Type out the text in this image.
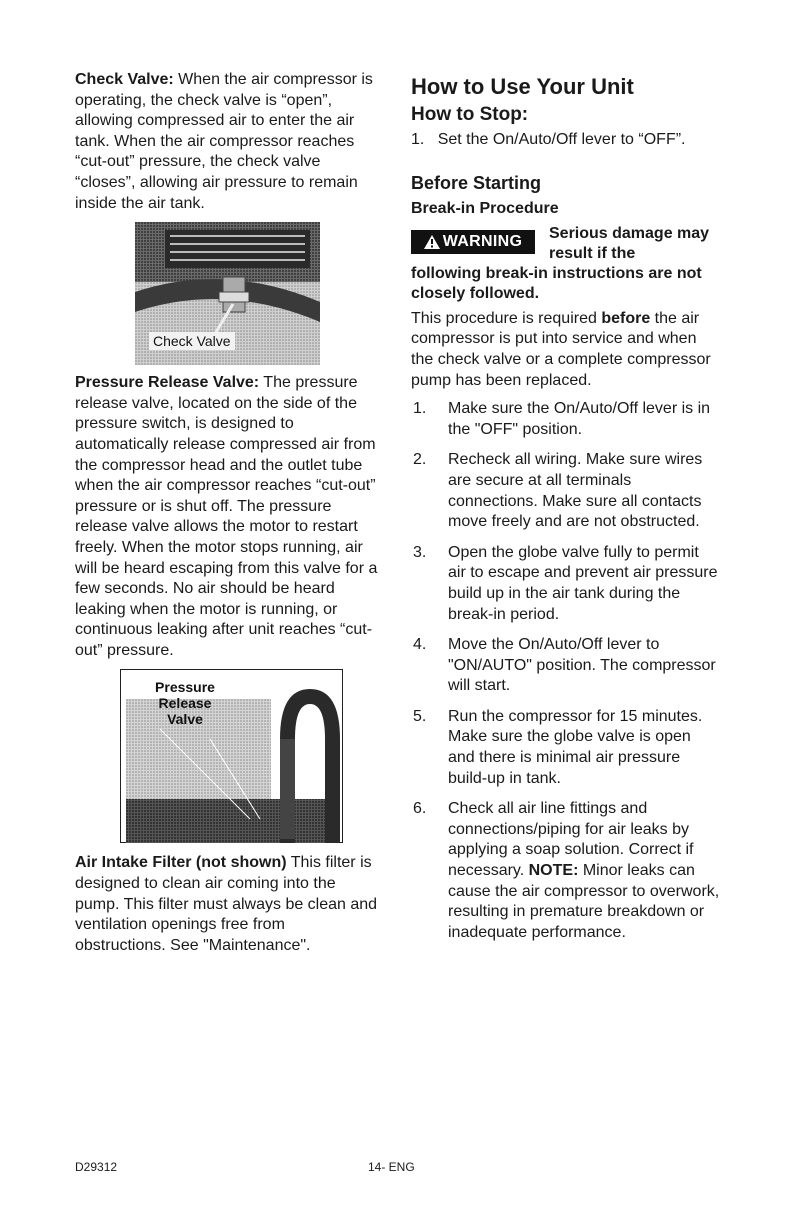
Check Valve: When the air compressor is operating, the check valve is “open”, allowing compressed air to enter the air tank. When the air compressor reaches “cut-out” pressure, the check valve “closes”, allowing air pressure to remain inside the air tank.

Check Valve

Pressure Release Valve: The pressure release valve, located on the side of the pressure switch, is designed to automatically release compressed air from the compressor head and the outlet tube when the air compressor reaches “cut-out” pressure or is shut off. The pressure release valve allows the motor to restart freely. When the motor stops running, air will be heard escaping from this valve for a few seconds. No air should be heard leaking when the motor is running, or continuous leaking after unit reaches “cut-out” pressure.

Pressure
Release
Valve

Air Intake Filter (not shown) This filter is designed to clean air coming into the pump. This filter must always be clean and ventilation openings free from obstructions. See "Maintenance".

How to Use Your Unit
How to Stop:

1. Set the On/Auto/Off lever to “OFF”.

Before Starting
Break-in Procedure
WARNING Serious damage may result if the

following break-in instructions are not closely followed.

This procedure is required before the air compressor is put into service and when the check valve or a complete compressor pump has been replaced.

1. Make sure the On/Auto/Off lever is in the "OFF" position.
2. Recheck all wiring. Make sure wires are secure at all terminals connections. Make sure all contacts move freely and are not obstructed.
3. Open the globe valve fully to permit air to escape and prevent air pressure build up in the air tank during the break-in period.
4. Move the On/Auto/Off lever to "ON/AUTO" position. The compressor will start.
5. Run the compressor for 15 minutes. Make sure the globe valve is open and there is minimal air pressure build-up in tank.
6. Check all air line fittings and connections/piping for air leaks by applying a soap solution. Correct if necessary. NOTE: Minor leaks can cause the air compressor to overwork, resulting in premature breakdown or inadequate performance.
D29312	14- ENG
